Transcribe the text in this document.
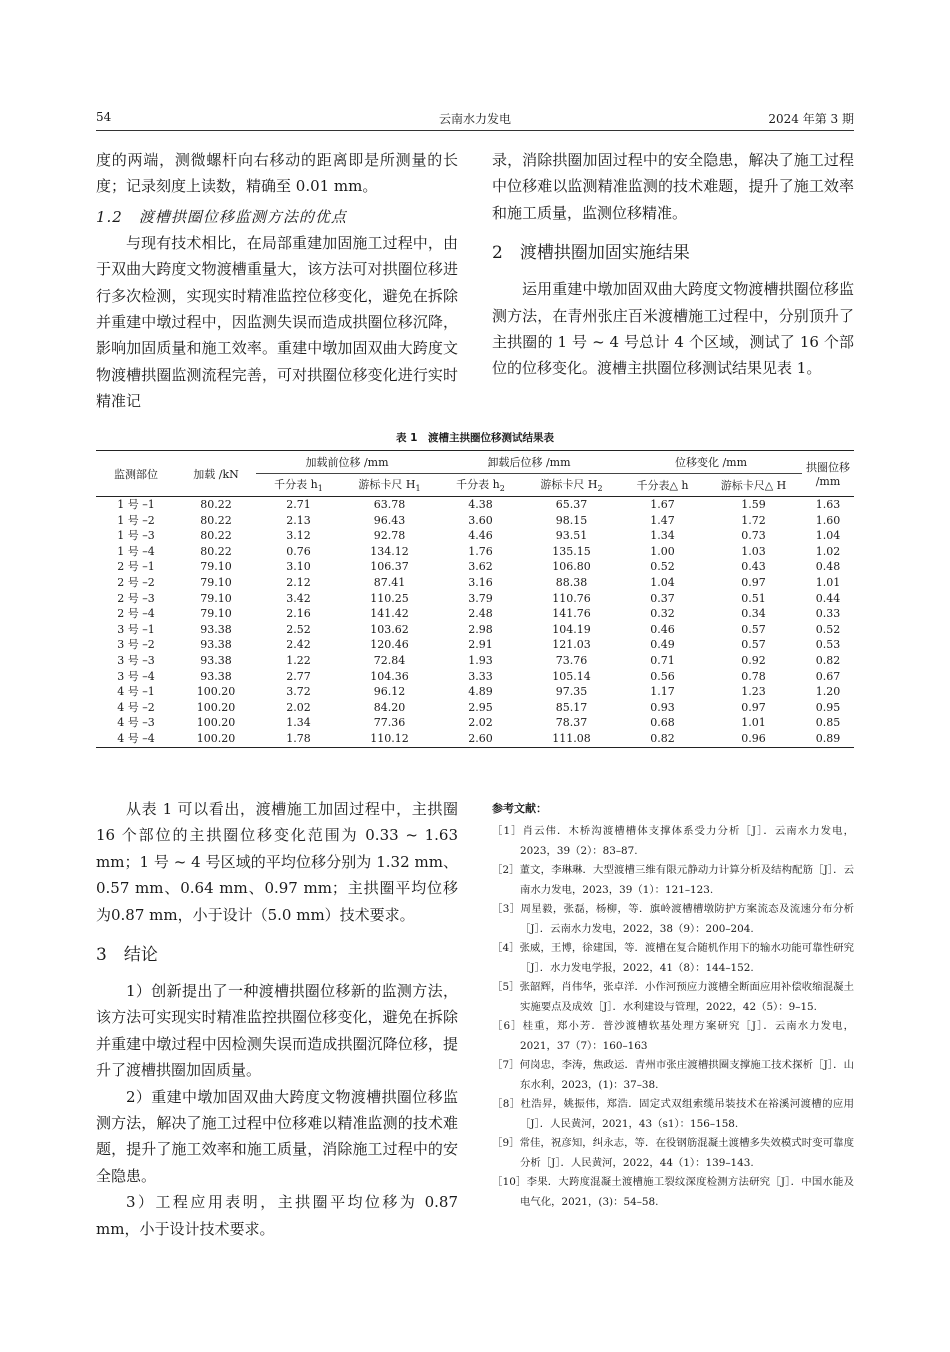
54	云南水力发电	2024 年第 3 期

度的两端，测微螺杆向右移动的距离即是所测量的长度；记录刻度上读数，精确至 0.01 mm。

1.2　渡槽拱圈位移监测方法的优点

与现有技术相比，在局部重建加固施工过程中，由于双曲大跨度文物渡槽重量大，该方法可对拱圈位移进行多次检测，实现实时精准监控位移变化，避免在拆除并重建中墩过程中，因监测失误而造成拱圈位移沉降，影响加固质量和施工效率。重建中墩加固双曲大跨度文物渡槽拱圈监测流程完善，可对拱圈位移变化进行实时精准记

录，消除拱圈加固过程中的安全隐患，解决了施工过程中位移难以监测精准监测的技术难题，提升了施工效率和施工质量，监测位移精准。

2　渡槽拱圈加固实施结果

运用重建中墩加固双曲大跨度文物渡槽拱圈位移监测方法，在青州张庄百米渡槽施工过程中，分别顶升了主拱圈的 1 号 ~ 4 号总计 4 个区域，测试了 16 个部位的位移变化。渡槽主拱圈位移测试结果见表 1。

表 1　渡槽主拱圈位移测试结果表
监测部位	加载 /kN	加载前位移 /mm		卸载后位移 /mm		位移变化 /mm		拱圈位移 /mm
		千分表 $h_1$	游标卡尺 $H_1$	千分表 $h_2$	游标卡尺 $H_2$	千分表△ h	游标卡尺△ H	
1 号 –1	80.22	2.71	63.78	4.38	65.37	1.67	1.59	1.63
1 号 –2	80.22	2.13	96.43	3.60	98.15	1.47	1.72	1.60
1 号 –3	80.22	3.12	92.78	4.46	93.51	1.34	0.73	1.04
1 号 –4	80.22	0.76	134.12	1.76	135.15	1.00	1.03	1.02
2 号 –1	79.10	3.10	106.37	3.62	106.80	0.52	0.43	0.48
2 号 –2	79.10	2.12	87.41	3.16	88.38	1.04	0.97	1.01
2 号 –3	79.10	3.42	110.25	3.79	110.76	0.37	0.51	0.44
2 号 –4	79.10	2.16	141.42	2.48	141.76	0.32	0.34	0.33
3 号 –1	93.38	2.52	103.62	2.98	104.19	0.46	0.57	0.52
3 号 –2	93.38	2.42	120.46	2.91	121.03	0.49	0.57	0.53
3 号 –3	93.38	1.22	72.84	1.93	73.76	0.71	0.92	0.82
3 号 –4	93.38	2.77	104.36	3.33	105.14	0.56	0.78	0.67
4 号 –1	100.20	3.72	96.12	4.89	97.35	1.17	1.23	1.20
4 号 –2	100.20	2.02	84.20	2.95	85.17	0.93	0.97	0.95
4 号 –3	100.20	1.34	77.36	2.02	78.37	0.68	1.01	0.85
4 号 –4	100.20	1.78	110.12	2.60	111.08	0.82	0.96	0.89

从表 1 可以看出，渡槽施工加固过程中，主拱圈 16 个部位的主拱圈位移变化范围为 0.33 ~ 1.63 mm；1 号 ~ 4 号区域的平均位移分别为 1.32 mm、0.57 mm、0.64 mm、0.97 mm；主拱圈平均位移为0.87 mm，小于设计（5.0 mm）技术要求。

3　结论

1）创新提出了一种渡槽拱圈位移新的监测方法，该方法可实现实时精准监控拱圈位移变化，避免在拆除并重建中墩过程中因检测失误而造成拱圈沉降位移，提升了渡槽拱圈加固质量。

2）重建中墩加固双曲大跨度文物渡槽拱圈位移监测方法，解决了施工过程中位移难以精准监测的技术难题，提升了施工效率和施工质量，消除施工过程中的安全隐患。

3）工程应用表明，主拱圈平均位移为 0.87 mm，小于设计技术要求。

参考文献：

［1］肖云伟．木桥沟渡槽槽体支撑体系受力分析［J］．云南水力发电，2023，39（2）：83–87.

［2］董文，李琳琳．大型渡槽三维有限元静动力计算分析及结构配筋［J］．云南水力发电，2023，39（1）：121–123.

［3］周星毅，张磊，杨柳，等．旗岭渡槽槽墩防护方案流态及流速分布分析［J］．云南水力发电，2022，38（9）：200–204.

［4］张威，王博，徐建国，等．渡槽在复合随机作用下的输水功能可靠性研究［J］．水力发电学报，2022，41（8）：144–152.

［5］张韶辉，肖伟华，张卓洋．小作河预应力渡槽全断面应用补偿收缩混凝土实施要点及成效［J］．水利建设与管理，2022，42（5）：9–15.

［6］桂重，郑小芳．普沙渡槽软基处理方案研究［J］．云南水力发电，2021，37（7）：160–163

［7］何岗忠，李涛，焦政运．青州市张庄渡槽拱圈支撑施工技术探析［J］．山东水利，2023，(1)：37–38.

［8］杜浩昇，姚振伟，郑浩．固定式双组索缆吊装技术在裕溪河渡槽的应用［J］．人民黄河，2021，43（s1）：156–158.

［9］常佳，祝彦知，纠永志，等．在役钢筋混凝土渡槽多失效模式时变可靠度分析［J］．人民黄河，2022，44（1）：139–143.

［10］李果．大跨度混凝土渡槽施工裂纹深度检测方法研究［J］．中国水能及电气化，2021，(3)：54–58.
